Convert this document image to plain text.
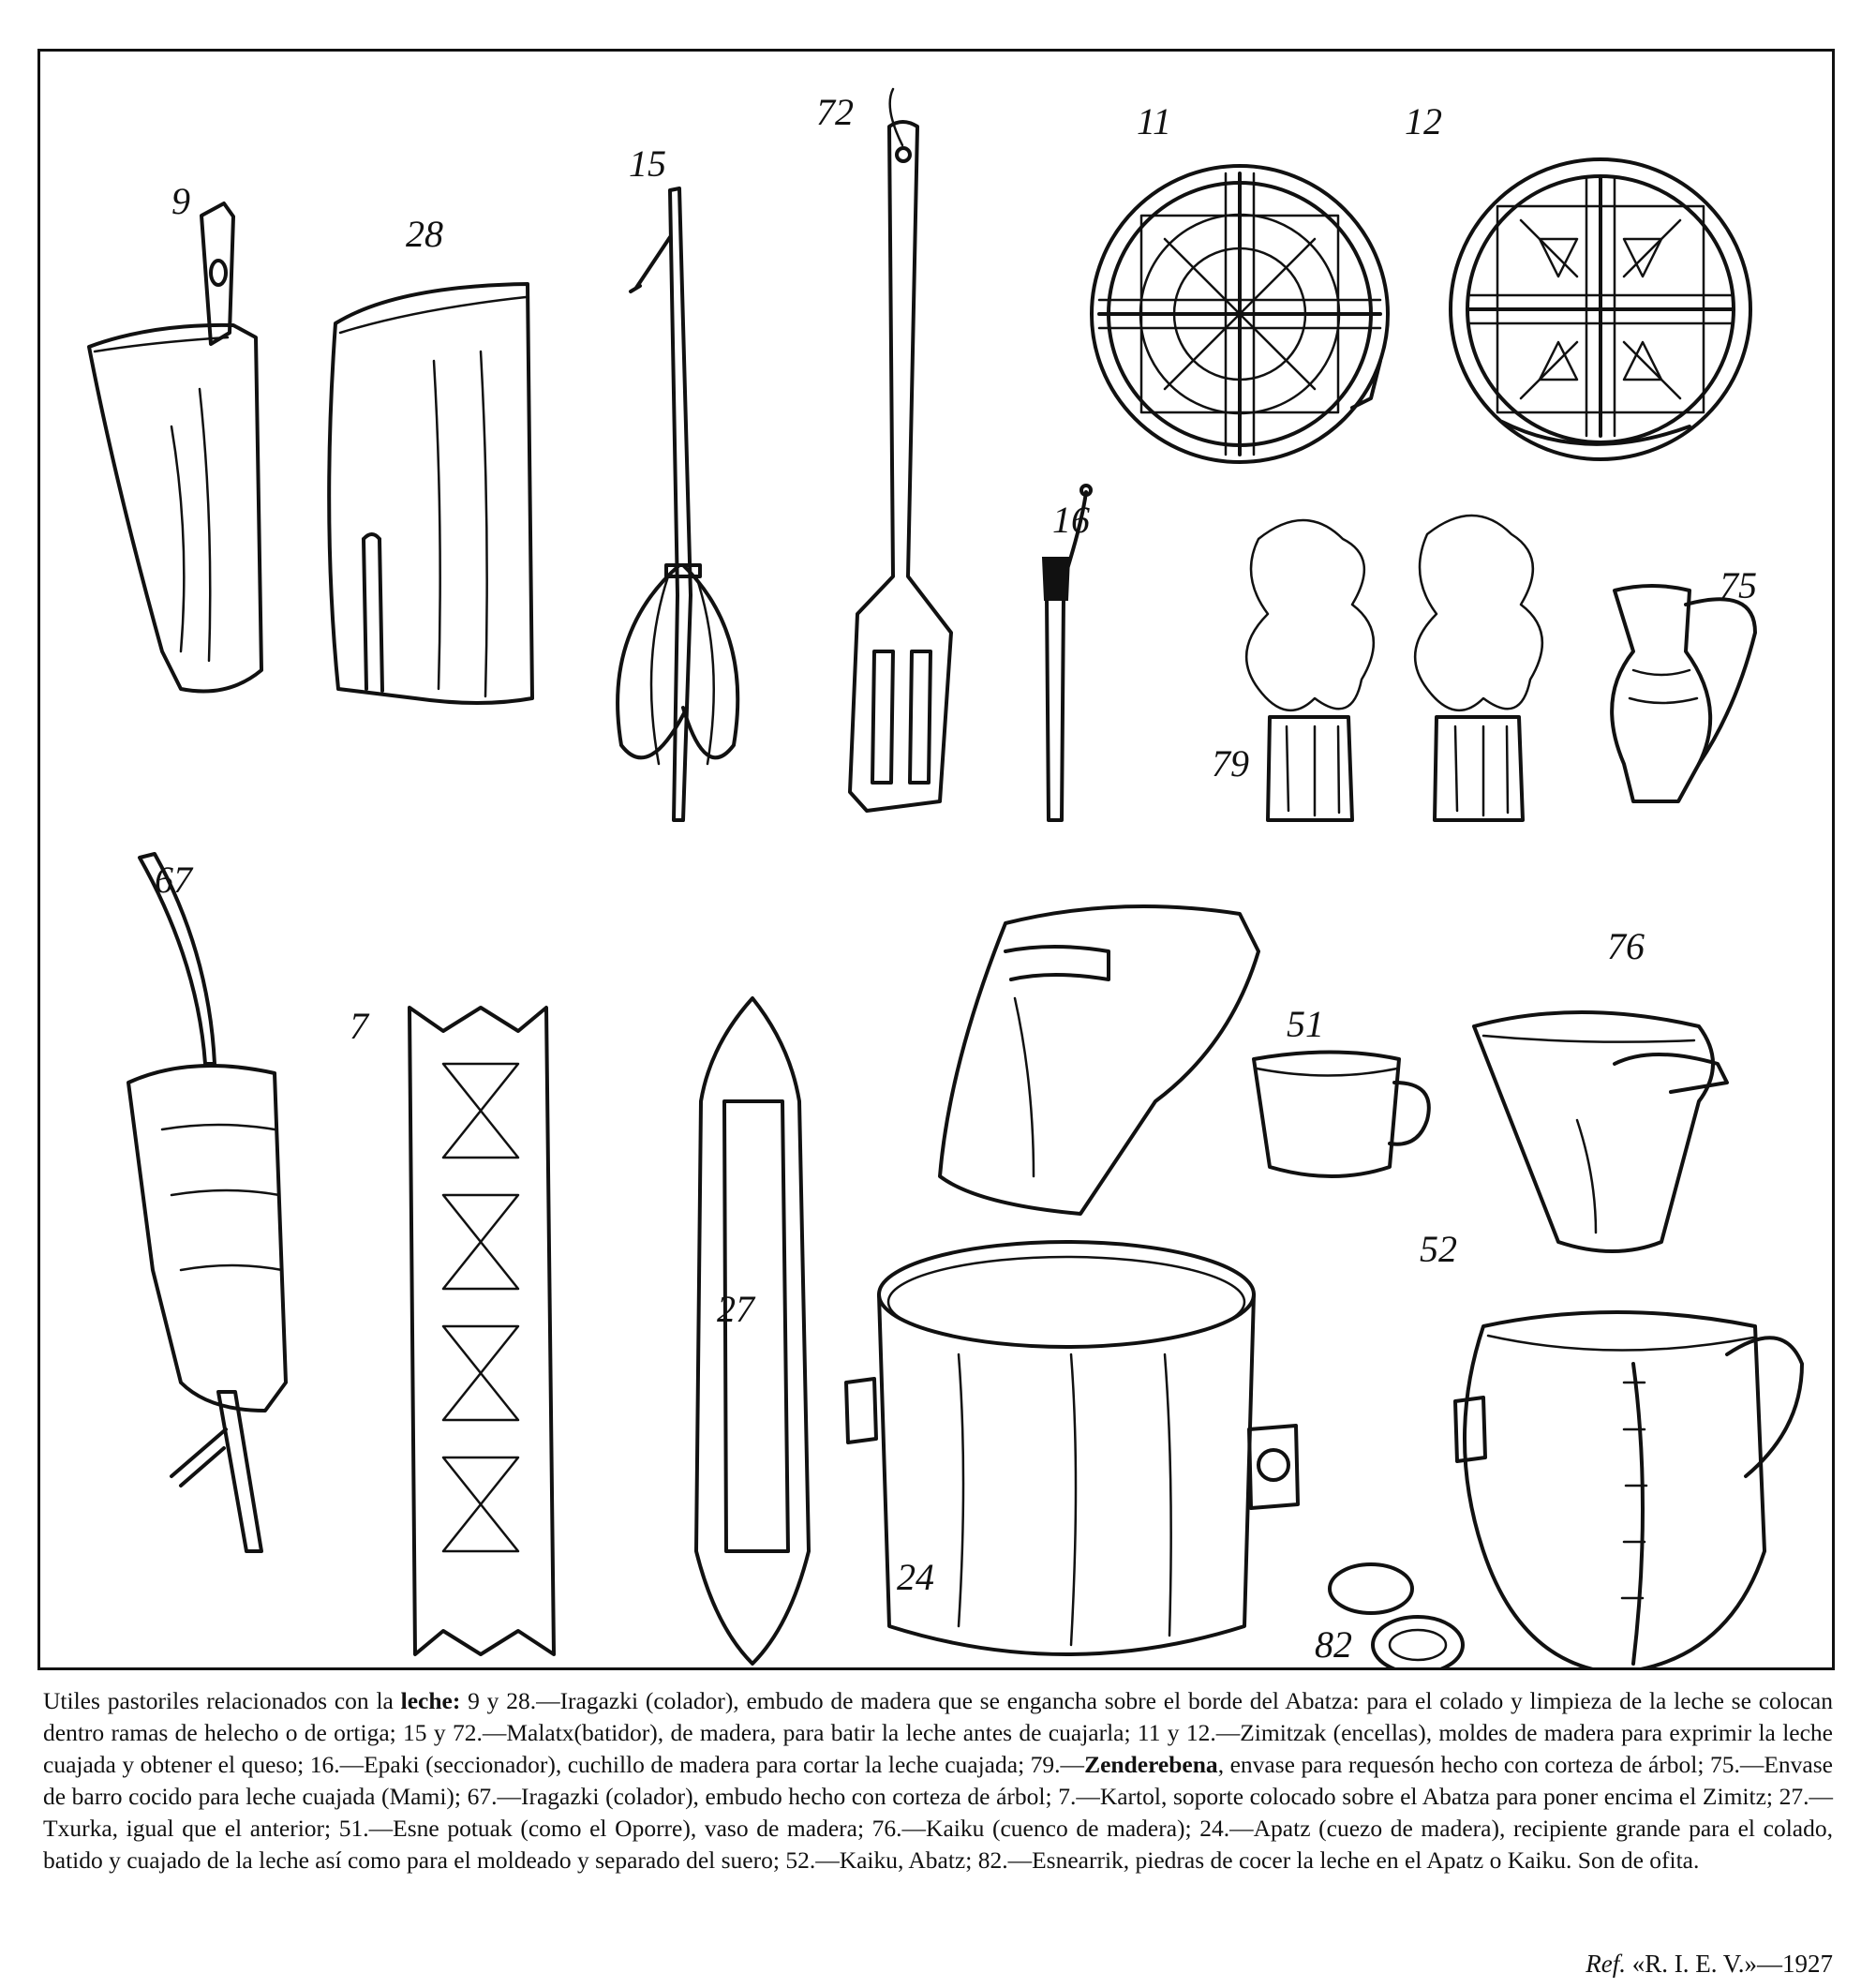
9
28
15
72	11	12
16
79
75
67
7
27
51
76
52
24
82
Utiles pastoriles relacionados con la leche: 9 y 28.—Iragazki (colador), embudo de madera que se engancha sobre el borde del Abatza: para el colado y limpieza de la leche se colocan dentro ramas de helecho o de ortiga; 15 y 72.—Malatx(batidor), de madera, para batir la leche antes de cuajarla; 11 y 12.—Zimitzak (encellas), moldes de madera para exprimir la leche cuajada y obtener el queso; 16.—Epaki (seccionador), cuchillo de madera para cortar la leche cuajada; 79.—Zenderebena, envase para requesón hecho con corteza de árbol; 75.—Envase de barro cocido para leche cuajada (Mami); 67.—Iragazki (colador), embudo hecho con corteza de árbol; 7.—Kartol, soporte colocado sobre el Abatza para poner encima el Zimitz; 27.—Txurka, igual que el anterior; 51.—Esne potuak (como el Oporre), vaso de madera; 76.—Kaiku (cuenco de madera); 24.—Apatz (cuezo de madera), recipiente grande para el colado, batido y cuajado de la leche así como para el moldeado y separado del suero; 52.—Kaiku, Abatz; 82.—Esnearrik, piedras de cocer la leche en el Apatz o Kaiku. Son de ofita.
Ref. «R. I. E. V.»—1927
